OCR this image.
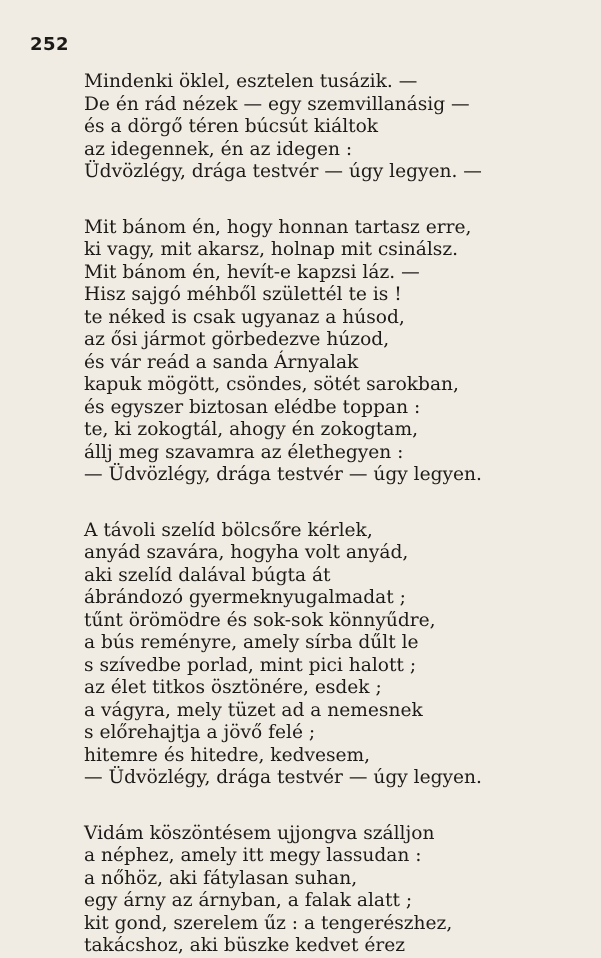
252
Mindenki öklel, esztelen tusázik. —
De én rád nézek — egy szemvillanásig —
és a dörgő téren búcsút kiáltok
az idegennek, én az idegen :
Üdvözlégy, drága testvér — úgy legyen. —
Mit bánom én, hogy honnan tartasz erre,
ki vagy, mit akarsz, holnap mit csinálsz.
Mit bánom én, hevít-e kapzsi láz. —
Hisz sajgó méhből születtél te is !
te néked is csak ugyanaz a húsod,
az ősi jármot görbedezve húzod,
és vár reád a sanda Árnyalak
kapuk mögött, csöndes, sötét sarokban,
és egyszer biztosan elédbe toppan :
te, ki zokogtál, ahogy én zokogtam,
állj meg szavamra az élethegyen :
— Üdvözlégy, drága testvér — úgy legyen.
A távoli szelíd bölcsőre kérlek,
anyád szavára, hogyha volt anyád,
aki szelíd dalával búgta át
ábrándozó gyermeknyugalmadat ;
tűnt örömödre és sok-sok könnyűdre,
a bús reményre, amely sírba dűlt le
s szívedbe porlad, mint pici halott ;
az élet titkos ösztönére, esdek ;
a vágyra, mely tüzet ad a nemesnek
s előrehajtja a jövő felé ;
hitemre és hitedre, kedvesem,
— Üdvözlégy, drága testvér — úgy legyen.
Vidám köszöntésem ujjongva szálljon
a néphez, amely itt megy lassudan :
a nőhöz, aki fátylasan suhan,
egy árny az árnyban, a falak alatt ;
kit gond, szerelem űz : a tengerészhez,
takácshoz, aki büszke kedvet érez
